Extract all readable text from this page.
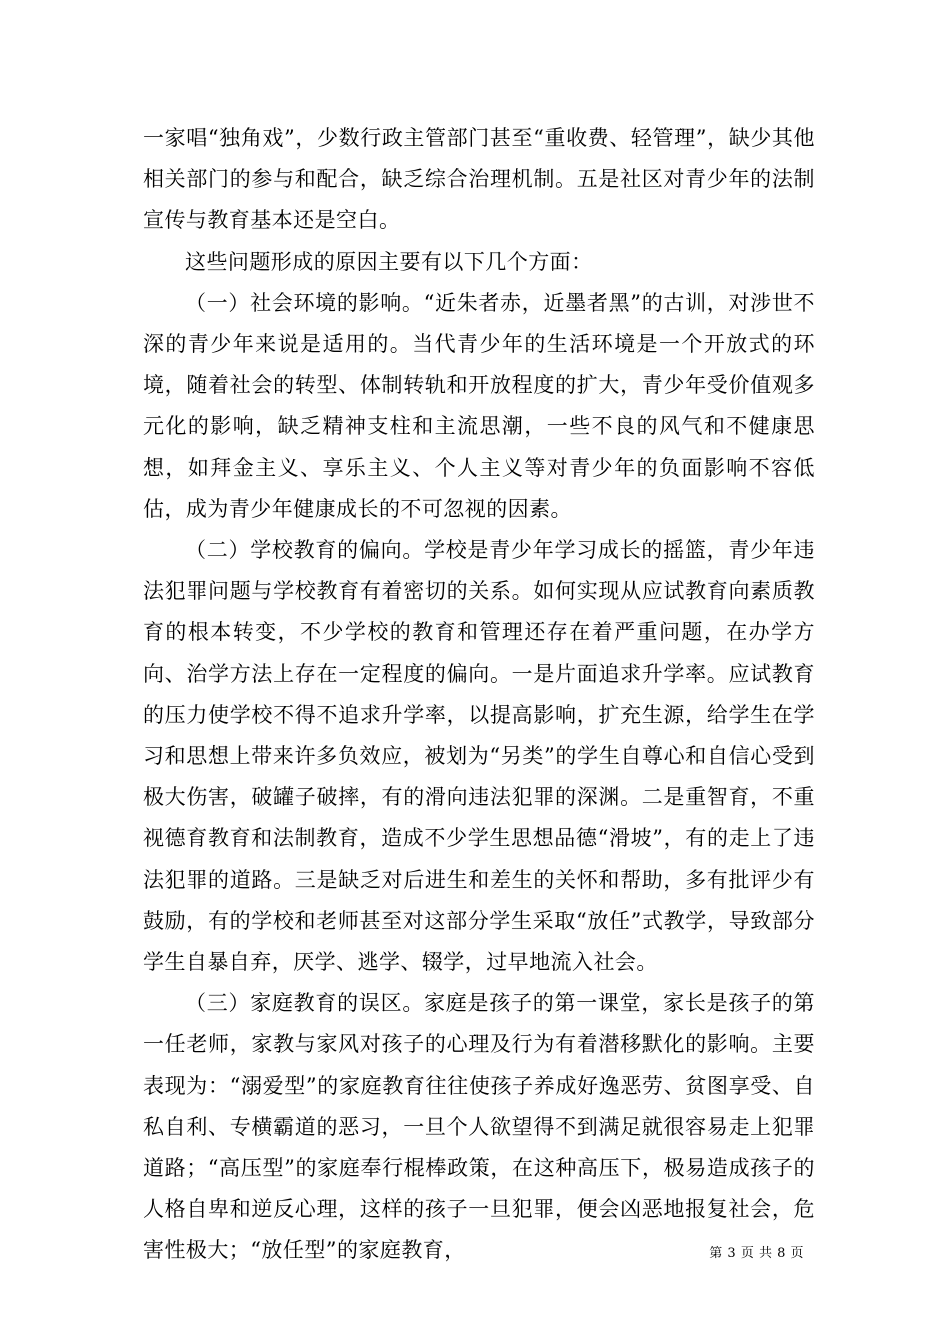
一家唱“独角戏”，少数行政主管部门甚至“重收费、轻管理”，缺少其他相关部门的参与和配合，缺乏综合治理机制。五是社区对青少年的法制宣传与教育基本还是空白。

这些问题形成的原因主要有以下几个方面：

（一）社会环境的影响。“近朱者赤，近墨者黑”的古训，对涉世不深的青少年来说是适用的。当代青少年的生活环境是一个开放式的环境，随着社会的转型、体制转轨和开放程度的扩大，青少年受价值观多元化的影响，缺乏精神支柱和主流思潮，一些不良的风气和不健康思想，如拜金主义、享乐主义、个人主义等对青少年的负面影响不容低估，成为青少年健康成长的不可忽视的因素。

（二）学校教育的偏向。学校是青少年学习成长的摇篮，青少年违法犯罪问题与学校教育有着密切的关系。如何实现从应试教育向素质教育的根本转变，不少学校的教育和管理还存在着严重问题，在办学方向、治学方法上存在一定程度的偏向。一是片面追求升学率。应试教育的压力使学校不得不追求升学率，以提高影响，扩充生源，给学生在学习和思想上带来许多负效应，被划为“另类”的学生自尊心和自信心受到极大伤害，破罐子破摔，有的滑向违法犯罪的深渊。二是重智育，不重视德育教育和法制教育，造成不少学生思想品德“滑坡”，有的走上了违法犯罪的道路。三是缺乏对后进生和差生的关怀和帮助，多有批评少有鼓励，有的学校和老师甚至对这部分学生采取“放任”式教学，导致部分学生自暴自弃，厌学、逃学、辍学，过早地流入社会。

（三）家庭教育的误区。家庭是孩子的第一课堂，家长是孩子的第一任老师，家教与家风对孩子的心理及行为有着潜移默化的影响。主要表现为：“溺爱型”的家庭教育往往使孩子养成好逸恶劳、贫图享受、自私自利、专横霸道的恶习，一旦个人欲望得不到满足就很容易走上犯罪道路；“高压型”的家庭奉行棍棒政策，在这种高压下，极易造成孩子的人格自卑和逆反心理，这样的孩子一旦犯罪，便会凶恶地报复社会，危害性极大；“放任型”的家庭教育，	第 3 页 共 8 页
